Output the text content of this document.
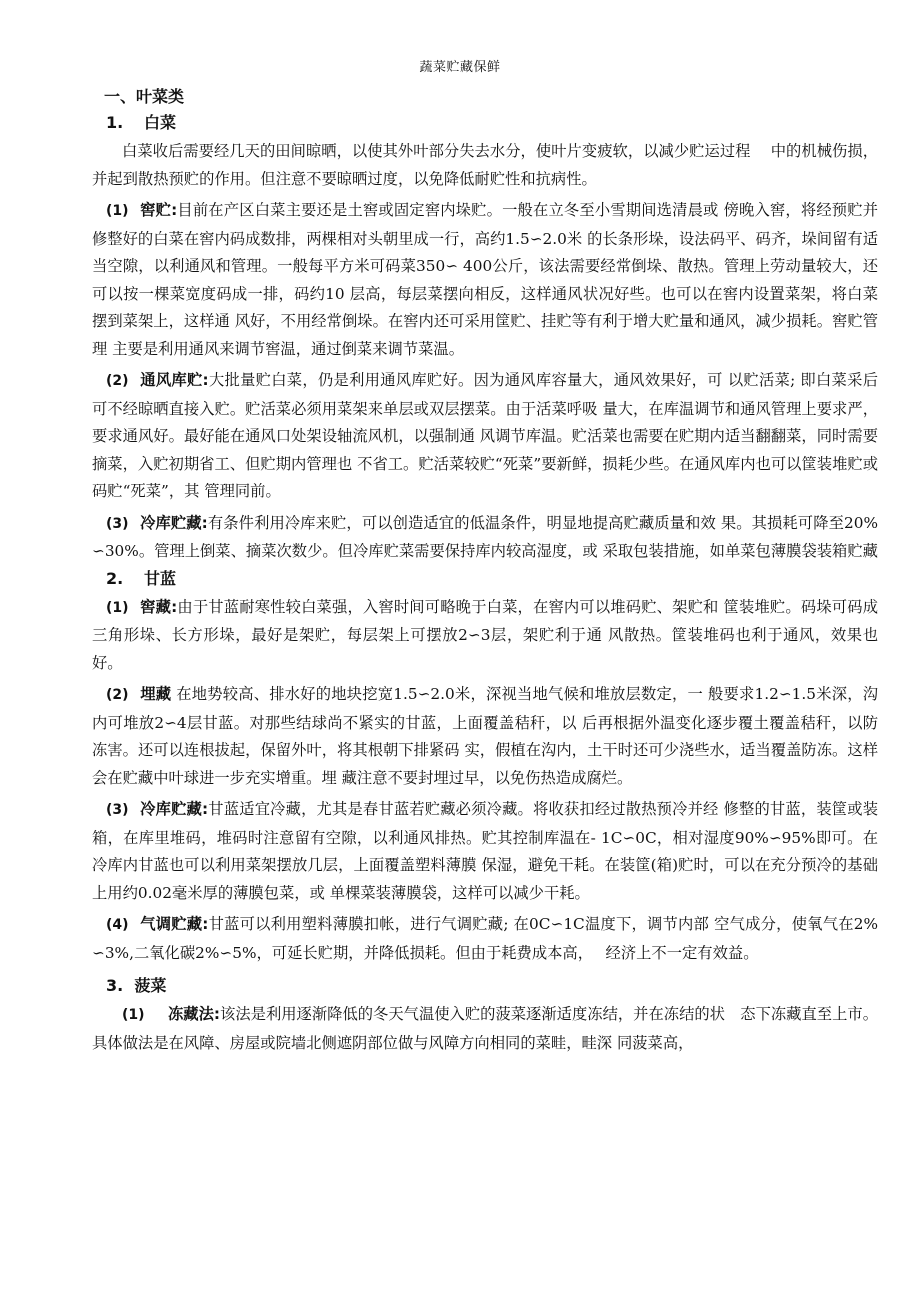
蔬菜贮藏保鲜
一、叶菜类
1.	白菜

白菜收后需要经几天的田间晾晒，以使其外叶部分失去水分，使叶片变疲软，以减少贮运过程　 中的机械伤损，并起到散热预贮的作用。但注意不要晾晒过度，以免降低耐贮性和抗病性。

(1) 窖贮:目前在产区白菜主要还是土窖或固定窖内垛贮。一般在立冬至小雪期间选清晨或 傍晚入窖，将经预贮并修整好的白菜在窖内码成数排，两棵相对头朝里成一行，高约1.5∽2.0米 的长条形垛，设法码平、码齐，垛间留有适当空隙，以利通风和管理。一般每平方米可码菜350∽ 400公斤，该法需要经常倒垛、散热。管理上劳动量较大，还可以按一棵菜宽度码成一排，码约10 层高，每层菜摆向相反，这样通风状况好些。也可以在窖内设置菜架，将白菜摆到菜架上，这样通 风好，不用经常倒垛。在窖内还可采用筐贮、挂贮等有利于增大贮量和通风，减少损耗。窖贮管理 主要是利用通风来调节窖温，通过倒菜来调节菜温。

(2) 通风库贮:大批量贮白菜，仍是利用通风库贮好。因为通风库容量大，通风效果好，可 以贮活菜; 即白菜采后可不经晾晒直接入贮。贮活菜必须用菜架来单层或双层摆菜。由于活菜呼吸 量大，在库温调节和通风管理上要求严，要求通风好。最好能在通风口处架设轴流风机，以强制通 风调节库温。贮活菜也需要在贮期内适当翻翻菜，同时需要摘菜，入贮初期省工、但贮期内管理也 不省工。贮活菜较贮“死菜”要新鲜，损耗少些。在通风库内也可以筐装堆贮或码贮“死菜”，其 管理同前。

(3) 冷库贮藏:有条件利用冷库来贮，可以创造适宜的低温条件，明显地提高贮藏质量和效 果。其损耗可降至20%∽30%。管理上倒菜、摘菜次数少。但冷库贮菜需要保持库内较高湿度，或 采取包装措施，如单菜包薄膜袋装箱贮藏

2.	甘蓝

(1) 窖藏:由于甘蓝耐寒性较白菜强，入窖时间可略晚于白菜，在窖内可以堆码贮、架贮和 筐装堆贮。码垛可码成三角形垛、长方形垛，最好是架贮，每层架上可摆放2∽3层，架贮利于通 风散热。筐装堆码也利于通风，效果也好。

(2) 埋藏 在地势较高、排水好的地块挖宽1.5∽2.0米，深视当地气候和堆放层数定，一 般要求1.2∽1.5米深，沟内可堆放2∽4层甘蓝。对那些结球尚不紧实的甘蓝，上面覆盖秸秆，以 后再根据外温变化逐步覆土覆盖秸秆，以防冻害。还可以连根拔起，保留外叶，将其根朝下排紧码 实，假植在沟内，土干时还可少浇些水，适当覆盖防冻。这样会在贮藏中叶球进一步充实增重。埋 藏注意不要封埋过早，以免伤热造成腐烂。

(3) 冷库贮藏:甘蓝适宜冷藏，尤其是春甘蓝若贮藏必须冷藏。将收获扣经过散热预冷并经 修整的甘蓝，装筐或装箱，在库里堆码，堆码时注意留有空隙，以利通风排热。贮其控制库温在- 1C∽0C，相对湿度90%∽95%即可。在冷库内甘蓝也可以利用菜架摆放几层，上面覆盖塑料薄膜 保湿，避免干耗。在装筐(箱)贮时，可以在充分预冷的基础上用约0.02毫米厚的薄膜包菜，或 单棵菜装薄膜袋，这样可以减少干耗。

(4) 气调贮藏:甘蓝可以利用塑料薄膜扣帐，进行气调贮藏; 在0C∽1C温度下，调节内部 空气成分，使氧气在2%∽3%,二氧化碳2%∽5%，可延长贮期，并降低损耗。但由于耗费成本高，　 经济上不一定有效益。

3. 菠菜

(1) 冻藏法:该法是利用逐渐降低的冬天气温使入贮的菠菜逐渐适度冻结，并在冻结的状　态下冻藏直至上市。具体做法是在风障、房屋或院墙北侧遮阴部位做与风障方向相同的菜畦，畦深 同菠菜高，
